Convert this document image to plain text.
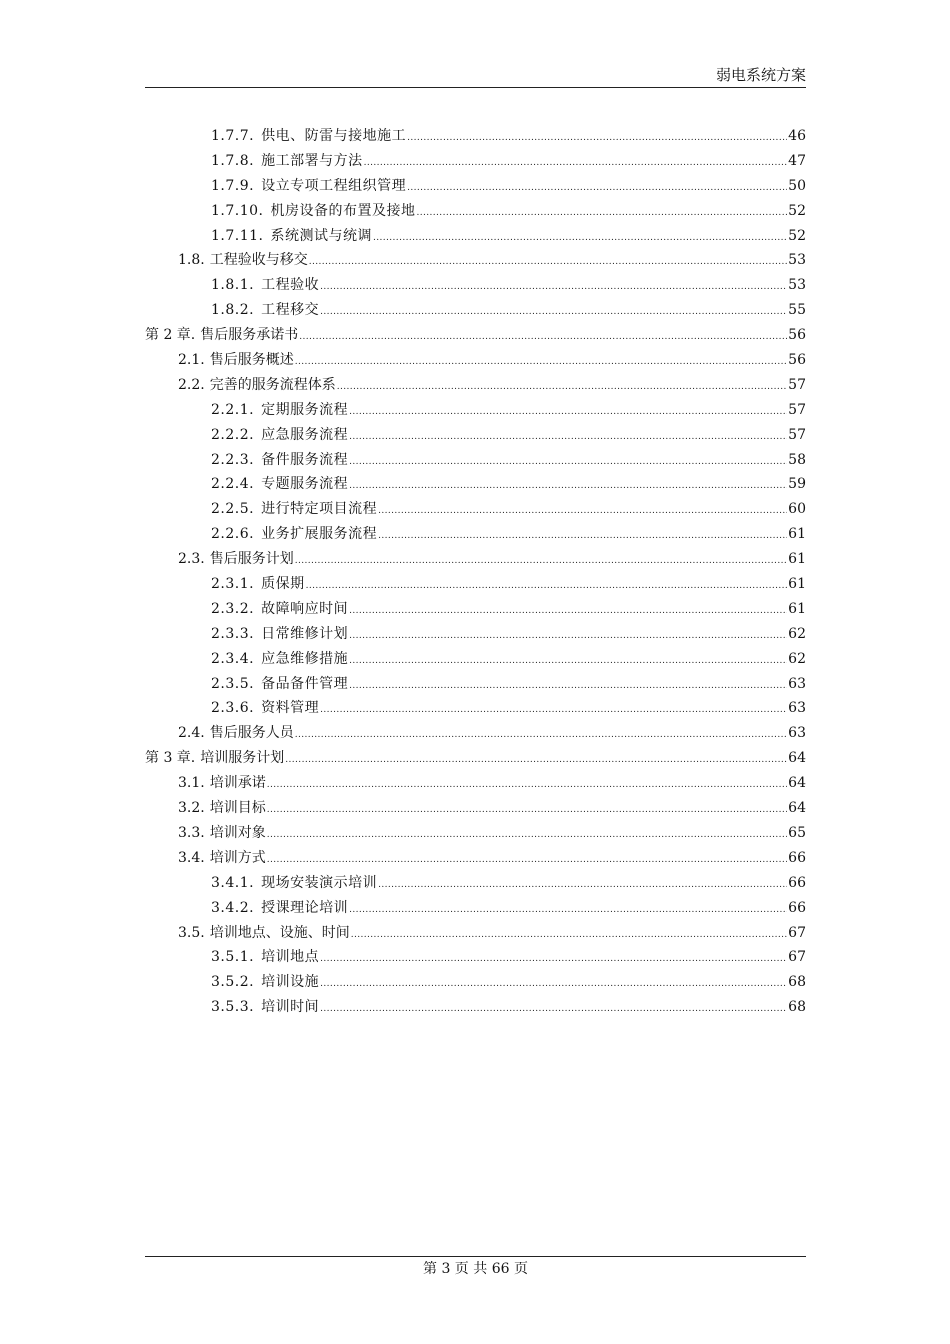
弱电系统方案
1.7.7. 供电、防雷与接地施工 .....	46
1.7.8. 施工部署与方法 .....	47
1.7.9. 设立专项工程组织管理 .....	50
1.7.10. 机房设备的布置及接地 .....	52
1.7.11. 系统测试与统调 .....	52
1.8. 工程验收与移交 .....	53
1.8.1. 工程验收 .....	53
1.8.2. 工程移交 .....	55
第 2 章. 售后服务承诺书 .....	56
2.1. 售后服务概述 .....	56
2.2. 完善的服务流程体系 .....	57
2.2.1. 定期服务流程 .....	57
2.2.2. 应急服务流程 .....	57
2.2.3. 备件服务流程 .....	58
2.2.4. 专题服务流程 .....	59
2.2.5. 进行特定项目流程 .....	60
2.2.6. 业务扩展服务流程 .....	61
2.3. 售后服务计划 .....	61
2.3.1. 质保期 .....	61
2.3.2. 故障响应时间 .....	61
2.3.3. 日常维修计划 .....	62
2.3.4. 应急维修措施 .....	62
2.3.5. 备品备件管理 .....	63
2.3.6. 资料管理 .....	63
2.4. 售后服务人员 .....	63
第 3 章. 培训服务计划 .....	64
3.1. 培训承诺 .....	64
3.2. 培训目标 .....	64
3.3. 培训对象 .....	65
3.4. 培训方式 .....	66
3.4.1. 现场安装演示培训 .....	66
3.4.2. 授课理论培训 .....	66
3.5. 培训地点、设施、时间 .....	67
3.5.1. 培训地点 .....	67
3.5.2. 培训设施 .....	68
3.5.3. 培训时间 .....	68
第 3 页 共 66 页
